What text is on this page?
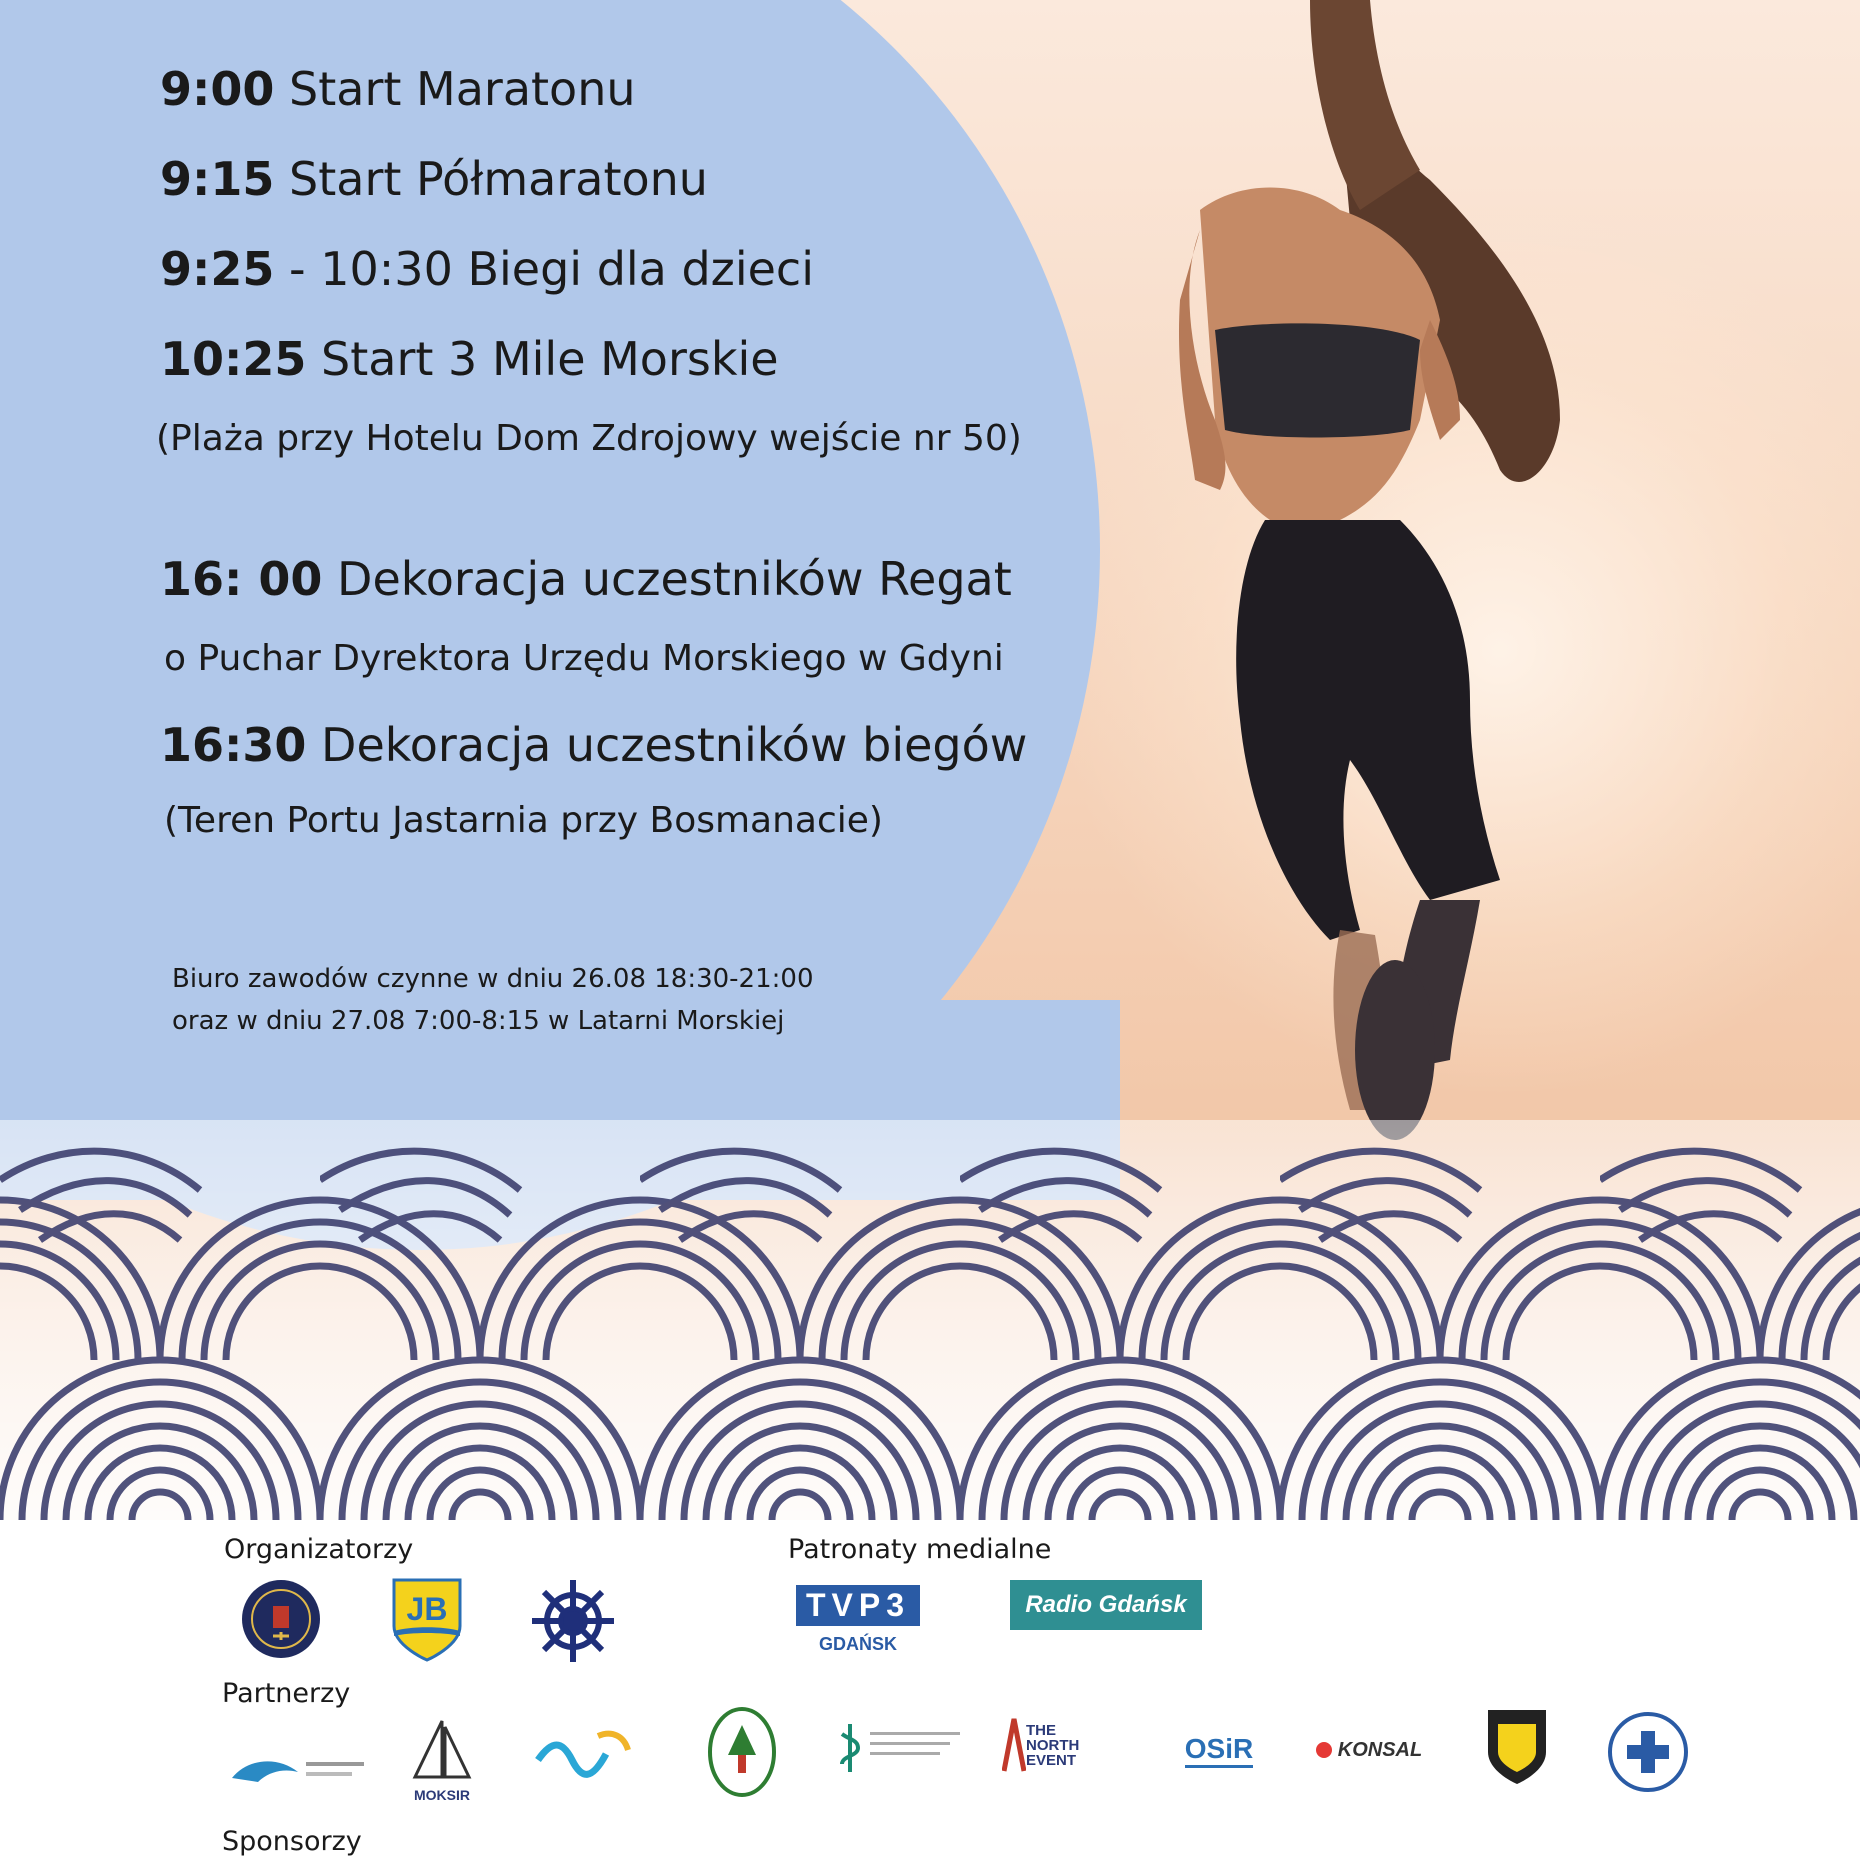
9:00 Start Maratonu
9:15 Start Półmaratonu
9:25 - 10:30 Biegi dla dzieci
10:25 Start 3 Mile Morskie
(Plaża przy Hotelu Dom Zdrojowy wejście nr 50)
16: 00 Dekoracja uczestników Regat
o Puchar Dyrektora Urzędu Morskiego w Gdyni
16:30 Dekoracja uczestników biegów
(Teren Portu Jastarnia przy Bosmanacie)
Biuro zawodów czynne w dniu 26.08 18:30-21:00
oraz w dniu 27.08 7:00-8:15 w Latarni Morskiej
Organizatorzy	Patronaty medialne
Partnerzy
Sponsorzy
JB	TVP3
GDAŃSK
Radio Gdańsk
MOKSIR
THE NORTH EVENT	OSiR	KONSAL
